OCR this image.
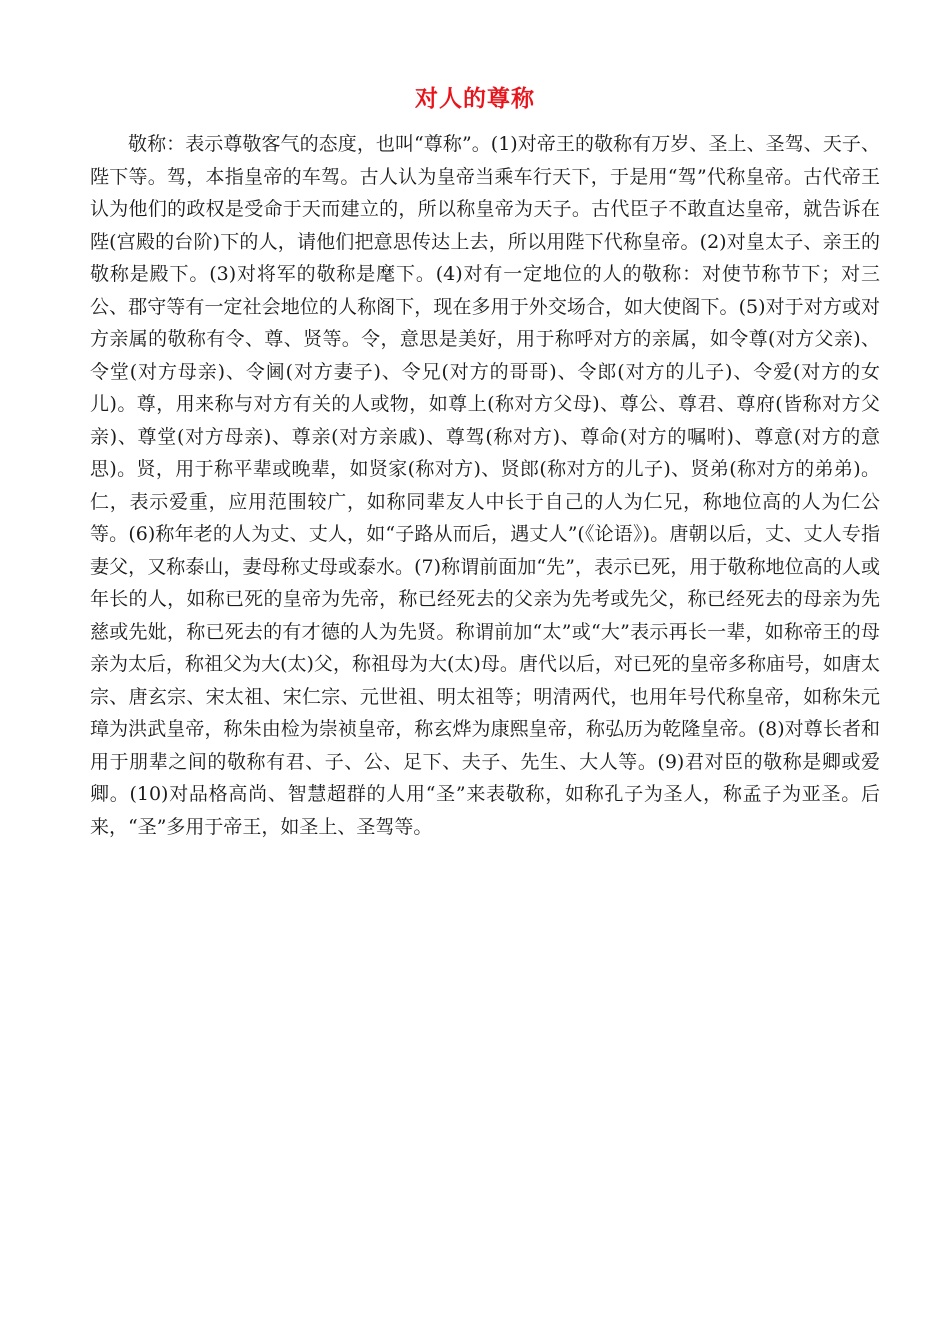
对人的尊称

敬称：表示尊敬客气的态度，也叫“尊称”。(1)对帝王的敬称有万岁、圣上、圣驾、天子、陛下等。驾，本指皇帝的车驾。古人认为皇帝当乘车行天下，于是用“驾”代称皇帝。古代帝王认为他们的政权是受命于天而建立的，所以称皇帝为天子。古代臣子不敢直达皇帝，就告诉在陛(宫殿的台阶)下的人，请他们把意思传达上去，所以用陛下代称皇帝。(2)对皇太子、亲王的敬称是殿下。(3)对将军的敬称是麾下。(4)对有一定地位的人的敬称：对使节称节下；对三公、郡守等有一定社会地位的人称阁下，现在多用于外交场合，如大使阁下。(5)对于对方或对方亲属的敬称有令、尊、贤等。令，意思是美好，用于称呼对方的亲属，如令尊(对方父亲)、令堂(对方母亲)、令阃(对方妻子)、令兄(对方的哥哥)、令郎(对方的儿子)、令爱(对方的女儿)。尊，用来称与对方有关的人或物，如尊上(称对方父母)、尊公、尊君、尊府(皆称对方父亲)、尊堂(对方母亲)、尊亲(对方亲戚)、尊驾(称对方)、尊命(对方的嘱咐)、尊意(对方的意思)。贤，用于称平辈或晚辈，如贤家(称对方)、贤郎(称对方的儿子)、贤弟(称对方的弟弟)。仁，表示爱重，应用范围较广，如称同辈友人中长于自己的人为仁兄，称地位高的人为仁公等。(6)称年老的人为丈、丈人，如“子路从而后，遇丈人”(《论语》)。唐朝以后，丈、丈人专指妻父，又称泰山，妻母称丈母或泰水。(7)称谓前面加“先”，表示已死，用于敬称地位高的人或年长的人，如称已死的皇帝为先帝，称已经死去的父亲为先考或先父，称已经死去的母亲为先慈或先妣，称已死去的有才德的人为先贤。称谓前加“太”或“大”表示再长一辈，如称帝王的母亲为太后，称祖父为大(太)父，称祖母为大(太)母。唐代以后，对已死的皇帝多称庙号，如唐太宗、唐玄宗、宋太祖、宋仁宗、元世祖、明太祖等；明清两代，也用年号代称皇帝，如称朱元璋为洪武皇帝，称朱由检为崇祯皇帝，称玄烨为康熙皇帝，称弘历为乾隆皇帝。(8)对尊长者和用于朋辈之间的敬称有君、子、公、足下、夫子、先生、大人等。(9)君对臣的敬称是卿或爱卿。(10)对品格高尚、智慧超群的人用“圣”来表敬称，如称孔子为圣人，称孟子为亚圣。后来，“圣”多用于帝王，如圣上、圣驾等。
